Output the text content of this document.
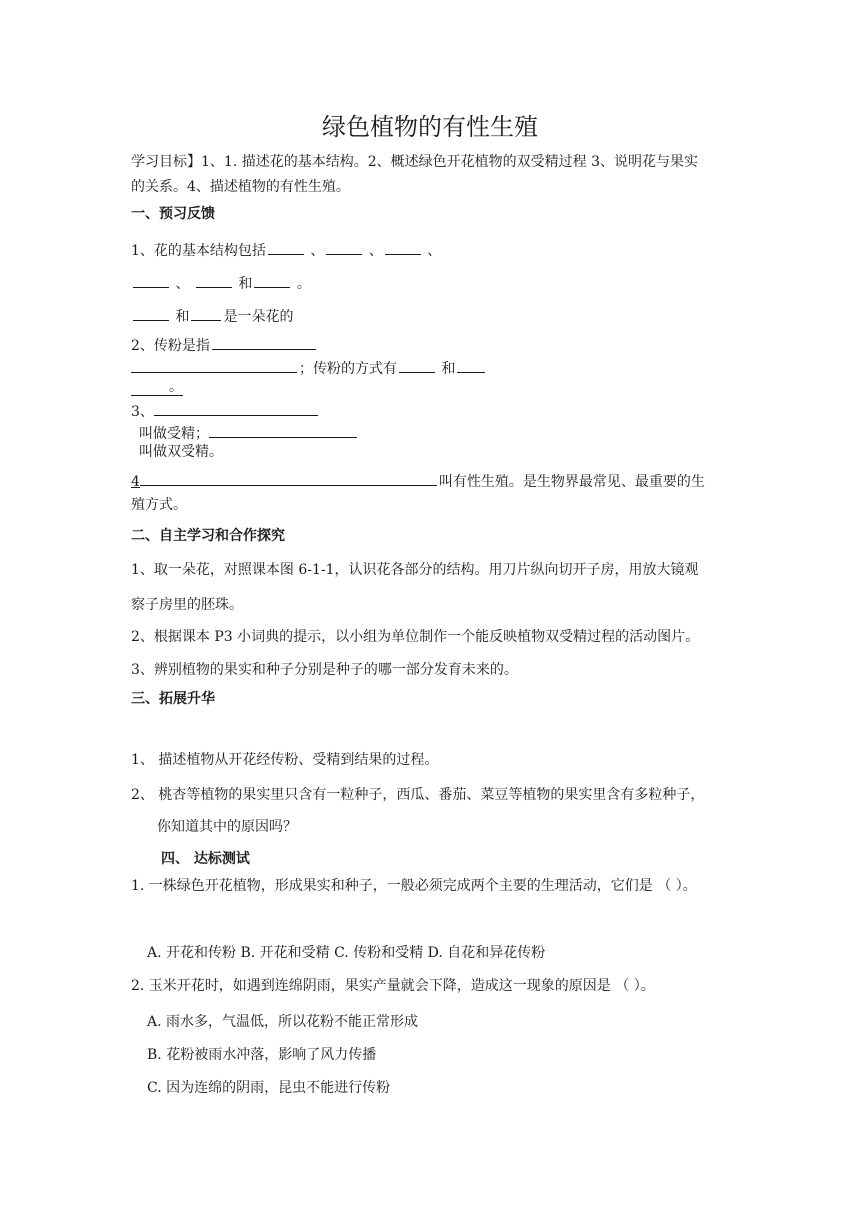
绿色植物的有性生殖
学习目标】1、1. 描述花的基本结构。2、概述绿色开花植物的双受精过程 3、说明花与果实
的关系。4、描述植物的有性生殖。
一、预习反馈
1、花的基本结构包括	、	、	、
、	和	。
和 是一朵花的
2、传粉是指
；传粉的方式有	和
。
3、
叫做受精；
叫做双受精。
4	叫有性生殖。是生物界最常见、最重要的生
殖方式。
二、自主学习和合作探究
1、取一朵花，对照课本图 6-1-1，认识花各部分的结构。用刀片纵向切开子房，用放大镜观
察子房里的胚珠。
2、根据课本 P3 小词典的提示，以小组为单位制作一个能反映植物双受精过程的活动图片。
3、辨别植物的果实和种子分别是种子的哪一部分发育未来的。
三、拓展升华
1、 描述植物从开花经传粉、受精到结果的过程。
2、 桃杏等植物的果实里只含有一粒种子，西瓜、番茄、菜豆等植物的果实里含有多粒种子，
你知道其中的原因吗？
四、 达标测试
1. 一株绿色开花植物，形成果实和种子，一般必须完成两个主要的生理活动，它们是 （ ）。
A. 开花和传粉 B. 开花和受精 C. 传粉和受精 D. 自花和异花传粉
2. 玉米开花时，如遇到连绵阴雨，果实产量就会下降，造成这一现象的原因是 （ ）。
A. 雨水多，气温低，所以花粉不能正常形成
B. 花粉被雨水冲落，影响了风力传播
C. 因为连绵的阴雨，昆虫不能进行传粉
